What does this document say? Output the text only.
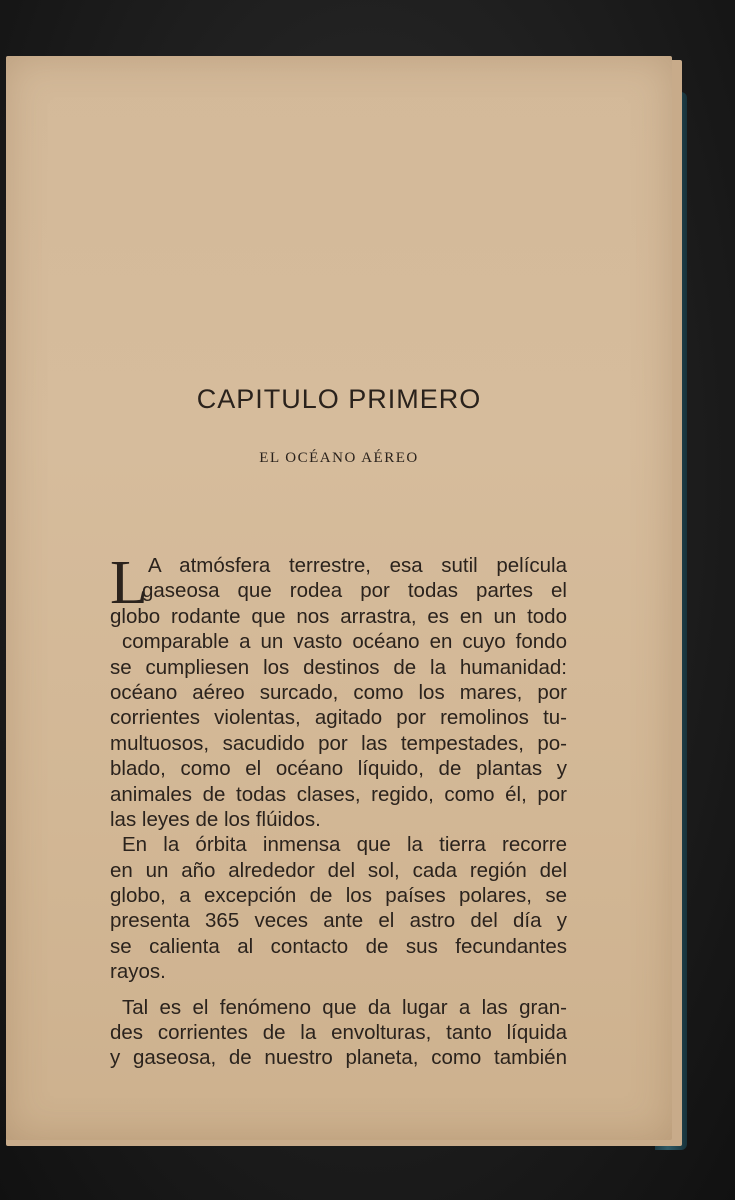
CAPITULO PRIMERO
EL OCÉANO AÉREO
L A atmósfera terrestre, esa sutil película
gaseosa que rodea por todas partes el
globo rodante que nos arrastra, es en un todo
comparable a un vasto océano en cuyo fondo
se cumpliesen los destinos de la humanidad:
océano aéreo surcado, como los mares, por
corrientes violentas, agitado por remolinos tu-
multuosos, sacudido por las tempestades, po-
blado, como el océano líquido, de plantas y
animales de todas clases, regido, como él, por
las leyes de los flúidos.
En la órbita inmensa que la tierra recorre
en un año alrededor del sol, cada región del
globo, a excepción de los países polares, se
presenta 365 veces ante el astro del día y
se calienta al contacto de sus fecundantes
rayos.
Tal es el fenómeno que da lugar a las gran-
des corrientes de la envolturas, tanto líquida
y gaseosa, de nuestro planeta, como también
